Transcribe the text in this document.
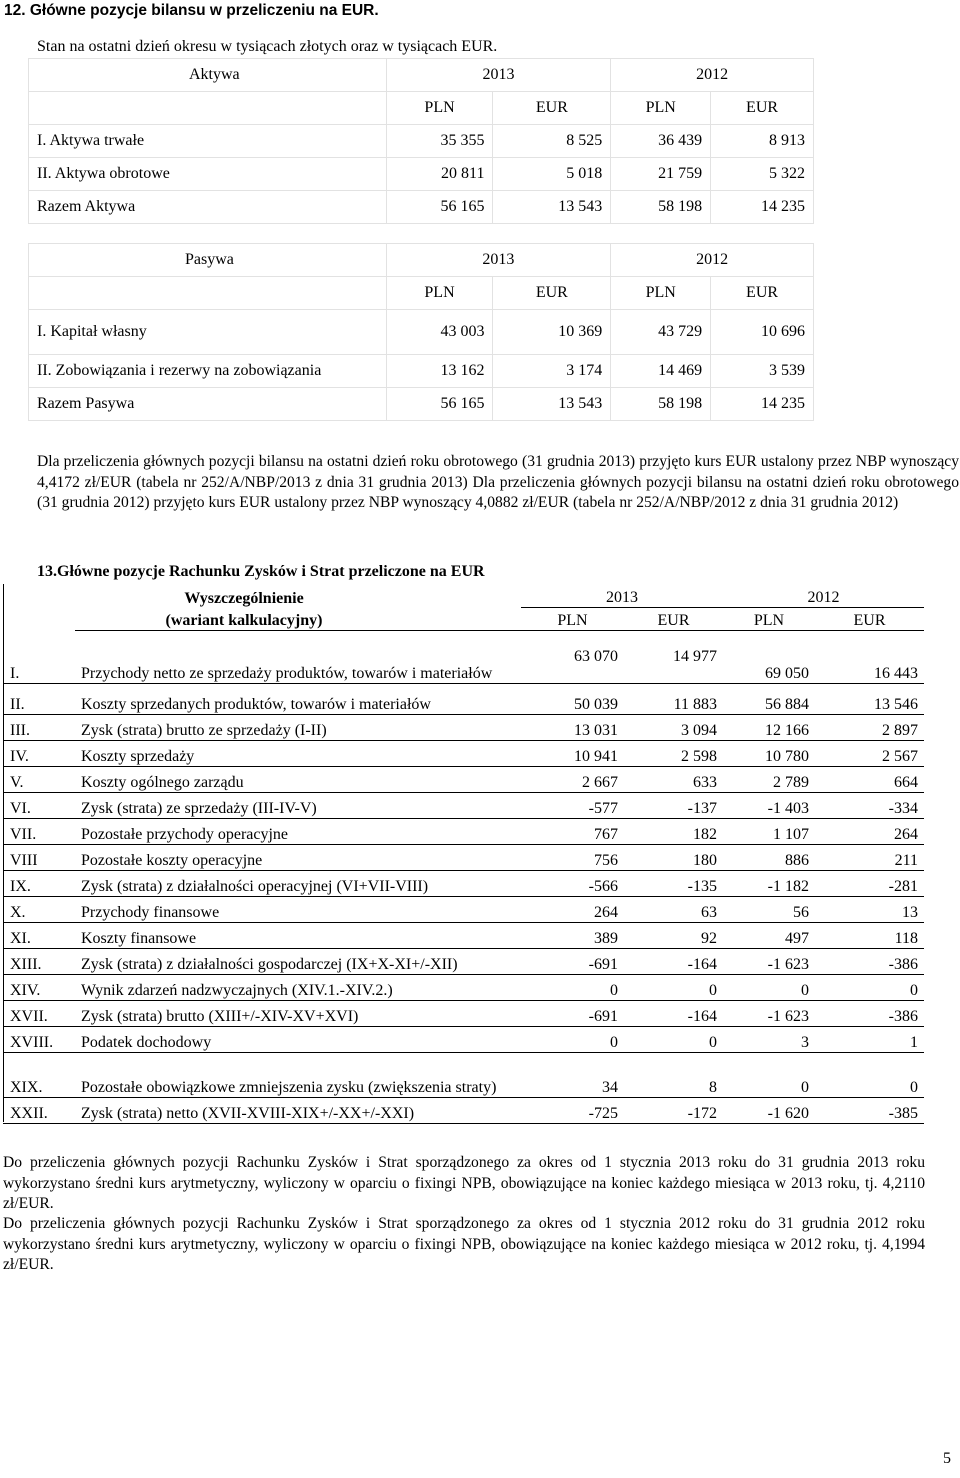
12. Główne pozycje bilansu w przeliczeniu na EUR.
Stan na ostatni dzień okresu w tysiącach złotych oraz w tysiącach EUR.
Aktywa	2013		2012	
	PLN	EUR	PLN	EUR
I. Aktywa trwałe	35 355	8 525	36 439	8 913
II. Aktywa obrotowe	20 811	5 018	21 759	5 322
Razem Aktywa	56 165	13 543	58 198	14 235
Pasywa	2013		2012	
	PLN	EUR	PLN	EUR
I. Kapitał własny	43 003	10 369	43 729	10 696
II. Zobowiązania i rezerwy na zobowiązania	13 162	3 174	14 469	3 539
Razem Pasywa	56 165	13 543	58 198	14 235
Dla przeliczenia głównych pozycji bilansu na ostatni dzień roku obrotowego (31 grudnia 2013) przyjęto kurs EUR ustalony przez NBP wynoszący 4,4172 zł/EUR (tabela nr 252/A/NBP/2013 z dnia 31 grudnia 2013) Dla przeliczenia głównych pozycji bilansu na ostatni dzień roku obrotowego (31 grudnia 2012) przyjęto kurs EUR ustalony przez NBP wynoszący 4,0882 zł/EUR (tabela nr 252/A/NBP/2012 z dnia 31 grudnia 2012)
13.Główne pozycje Rachunku Zysków i Strat przeliczone na EUR
	Wyszczególnienie	2013		2012	
	(wariant kalkulacyjny)	PLN	EUR	PLN	EUR
I.	Przychody netto ze sprzedaży produktów, towarów i materiałów	63 070	14 977	69 050	16 443

II.	Koszty sprzedanych produktów, towarów i materiałów	50 039	11 883	56 884	13 546
III.	Zysk (strata) brutto ze sprzedaży (I-II)	13 031	3 094	12 166	2 897
IV.	Koszty sprzedaży	10 941	2 598	10 780	2 567
V.	Koszty ogólnego zarządu	2 667	633	2 789	664
VI.	Zysk (strata) ze sprzedaży (III-IV-V)	-577	-137	-1 403	-334
VII.	Pozostałe przychody operacyjne	767	182	1 107	264
VIII	Pozostałe koszty operacyjne	756	180	886	211
IX.	Zysk (strata) z działalności operacyjnej (VI+VII-VIII)	-566	-135	-1 182	-281
X.	Przychody finansowe	264	63	56	13
XI.	Koszty finansowe	389	92	497	118
XIII.	Zysk (strata) z działalności gospodarczej (IX+X-XI+/-XII)	-691	-164	-1 623	-386
XIV.	Wynik zdarzeń nadzwyczajnych (XIV.1.-XIV.2.)	0	0	0	0
XVII.	Zysk (strata) brutto (XIII+/-XIV-XV+XVI)	-691	-164	-1 623	-386
XVIII.	Podatek dochodowy	0	0	3	1
XIX.	Pozostałe obowiązkowe zmniejszenia zysku (zwiększenia straty)	34	8	0	0
XXII.	Zysk (strata) netto (XVII-XVIII-XIX+/-XX+/-XXI)	-725	-172	-1 620	-385
Do przeliczenia głównych pozycji Rachunku Zysków i Strat sporządzonego za okres od 1 stycznia 2013 roku do 31 grudnia 2013 roku wykorzystano średni kurs arytmetyczny, wyliczony w oparciu o fixingi NPB, obowiązujące na koniec każdego miesiąca w 2013 roku, tj. 4,2110 zł/EUR.
Do przeliczenia głównych pozycji Rachunku Zysków i Strat sporządzonego za okres od 1 stycznia 2012 roku do 31 grudnia 2012 roku wykorzystano średni kurs arytmetyczny, wyliczony w oparciu o fixingi NPB, obowiązujące na koniec każdego miesiąca w 2012 roku, tj. 4,1994 zł/EUR.
5
